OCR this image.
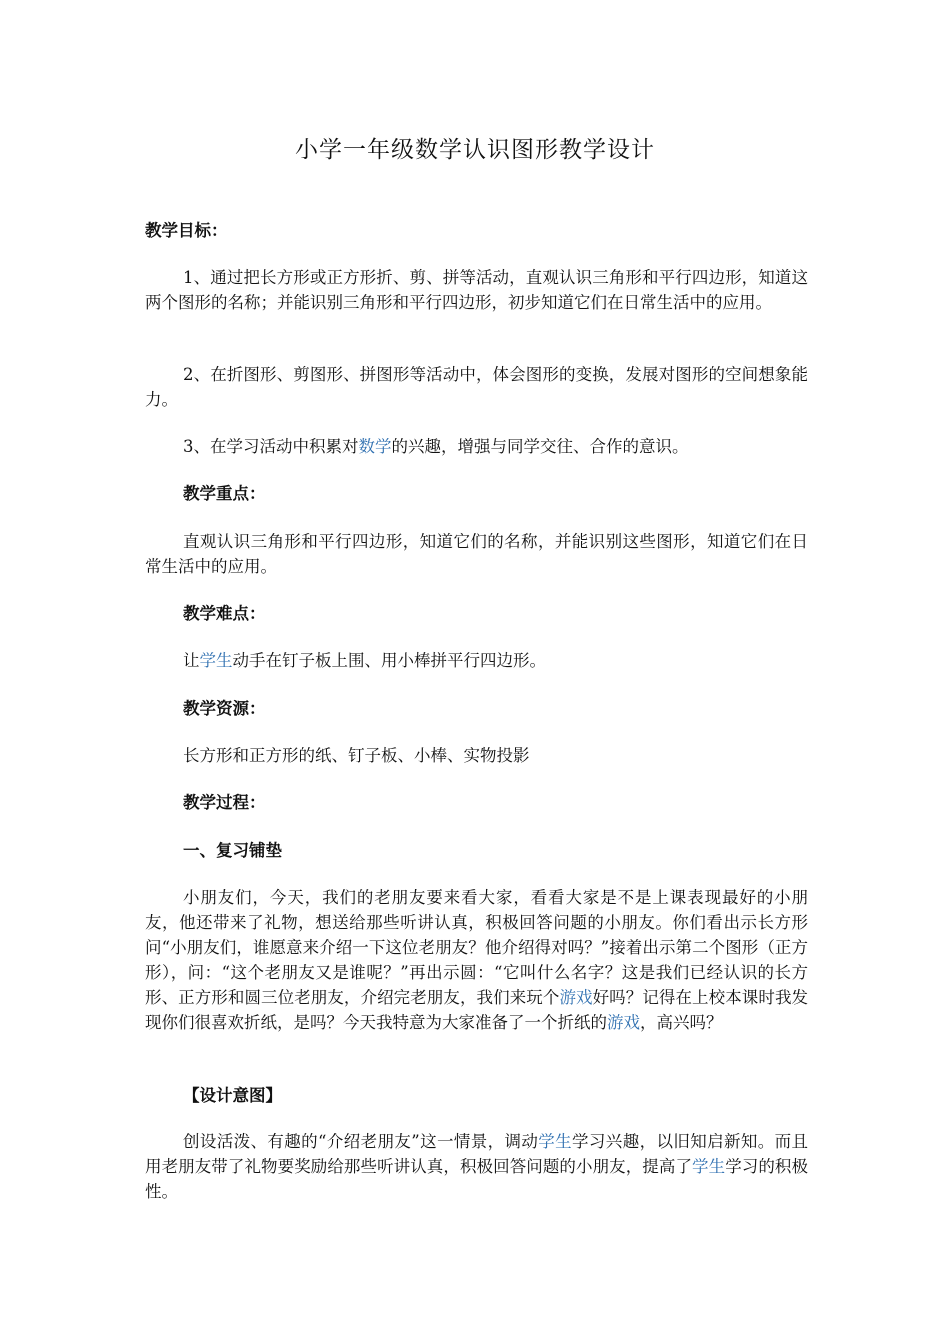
小学一年级数学认识图形教学设计
教学目标：
1、通过把长方形或正方形折、剪、拼等活动，直观认识三角形和平行四边形，知道这两个图形的名称；并能识别三角形和平行四边形，初步知道它们在日常生活中的应用。
2、在折图形、剪图形、拼图形等活动中，体会图形的变换，发展对图形的空间想象能力。
3、在学习活动中积累对数学的兴趣，增强与同学交往、合作的意识。
教学重点：
直观认识三角形和平行四边形，知道它们的名称，并能识别这些图形，知道它们在日常生活中的应用。
教学难点：
让学生动手在钉子板上围、用小棒拼平行四边形。
教学资源：
长方形和正方形的纸、钉子板、小棒、实物投影
教学过程：
一、复习铺垫
小朋友们，今天，我们的老朋友要来看大家，看看大家是不是上课表现最好的小朋友，他还带来了礼物，想送给那些听讲认真，积极回答问题的小朋友。你们看出示长方形问“小朋友们，谁愿意来介绍一下这位老朋友？他介绍得对吗？”接着出示第二个图形（正方形），问：“这个老朋友又是谁呢？”再出示圆：“它叫什么名字？这是我们已经认识的长方形、正方形和圆三位老朋友，介绍完老朋友，我们来玩个游戏好吗？记得在上校本课时我发现你们很喜欢折纸，是吗？今天我特意为大家准备了一个折纸的游戏，高兴吗？
【设计意图】
创设活泼、有趣的“介绍老朋友”这一情景，调动学生学习兴趣，以旧知启新知。而且用老朋友带了礼物要奖励给那些听讲认真，积极回答问题的小朋友，提高了学生学习的积极性。
